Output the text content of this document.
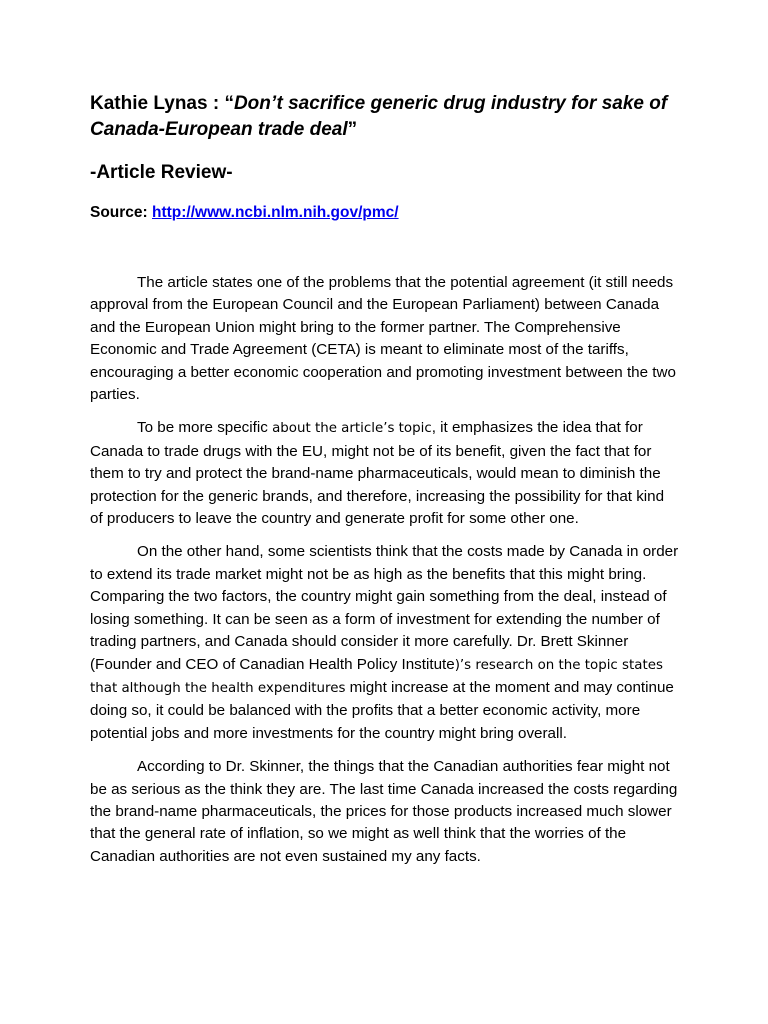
Kathie Lynas : “Don’t sacrifice generic drug industry for sake of Canada-European trade deal”
-Article Review-
Source: http://www.ncbi.nlm.nih.gov/pmc/

The article states one of the problems that the potential agreement (it still needs approval from the European Council and the European Parliament) between Canada and the European Union might bring to the former partner. The Comprehensive Economic and Trade Agreement (CETA) is meant to eliminate most of the tariffs, encouraging a better economic cooperation and promoting investment between the two parties.

To be more specific about the article’s topic, it emphasizes the idea that for Canada to trade drugs with the EU, might not be of its benefit, given the fact that for them to try and protect the brand-name pharmaceuticals, would mean to diminish the protection for the generic brands, and therefore, increasing the possibility for that kind of producers to leave the country and generate profit for some other one.

On the other hand, some scientists think that the costs made by Canada in order to extend its trade market might not be as high as the benefits that this might bring. Comparing the two factors, the country might gain something from the deal, instead of losing something. It can be seen as a form of investment for extending the number of trading partners, and Canada should consider it more carefully. Dr. Brett Skinner (Founder and CEO of Canadian Health Policy Institute)’s research on the topic states that although the health expenditures might increase at the moment and may continue doing so, it could be balanced with the profits that a better economic activity, more potential jobs and more investments for the country might bring overall.

According to Dr. Skinner, the things that the Canadian authorities fear might not be as serious as the think they are. The last time Canada increased the costs regarding the brand-name pharmaceuticals, the prices for those products increased much slower that the general rate of inflation, so we might as well think that the worries of the Canadian authorities are not even sustained my any facts.
